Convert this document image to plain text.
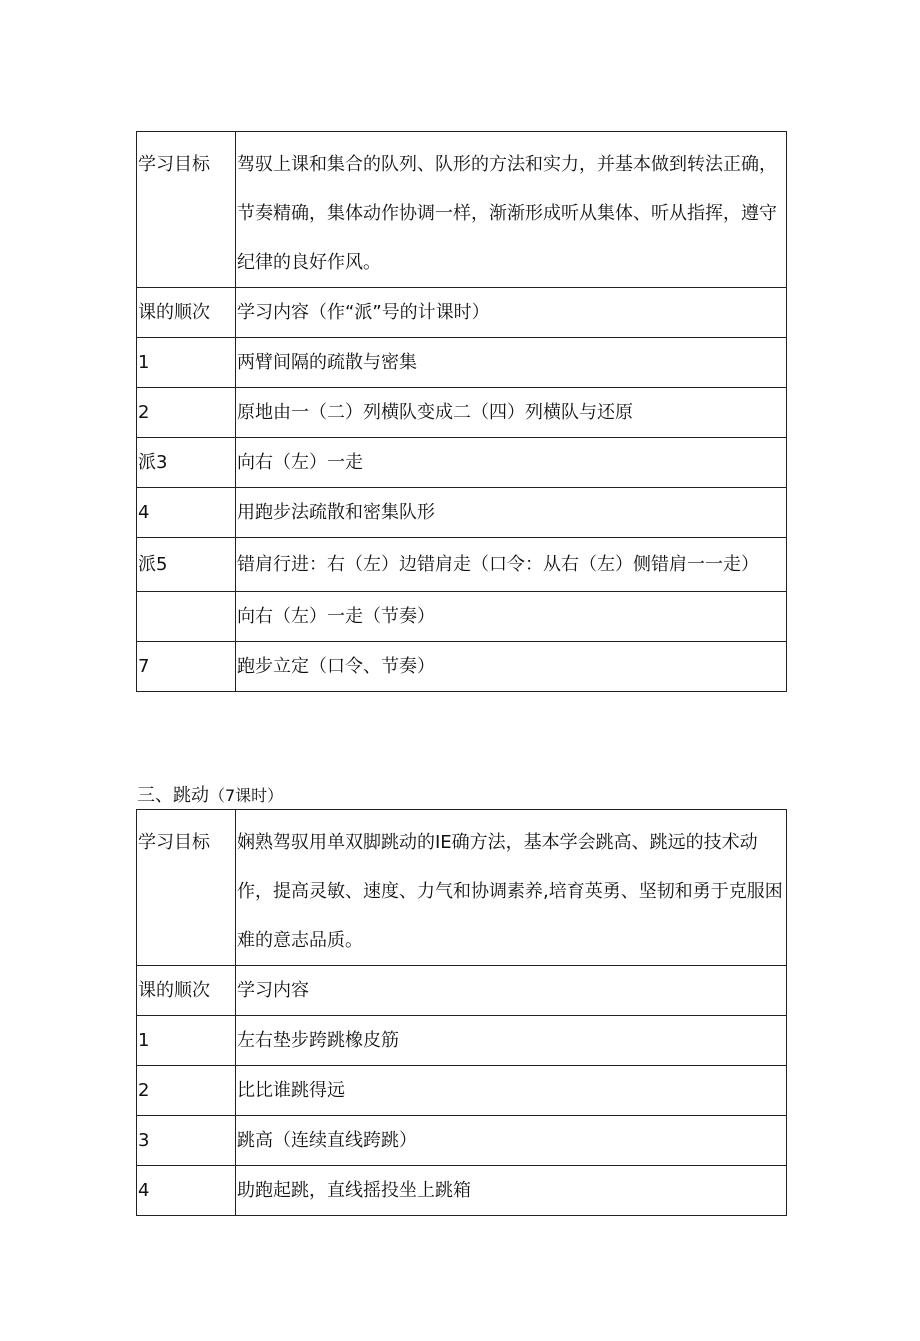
学习目标	驾驭上课和集合的队列、队形的方法和实力，并基本做到转法正确，节奏精确，集体动作协调一样，渐渐形成听从集体、听从指挥，遵守纪律的良好作风。
课的顺次	学习内容（作“派”号的计课时）
1	两臂间隔的疏散与密集
2	原地由一（二）列横队变成二（四）列横队与还原
派3	向右（左）一走
4	用跑步法疏散和密集队形
派5	错肩行进：右（左）边错肩走（口令：从右（左）侧错肩一一走）
	向右（左）一走（节奏）
7	跑步立定（口令、节奏）
三、跳动（7课时）
学习目标	娴熟驾驭用单双脚跳动的IE确方法，基本学会跳高、跳远的技术动作，提高灵敏、速度、力气和协调素养,培育英勇、坚韧和勇于克服困难的意志品质。
课的顺次	学习内容
1	左右垫步跨跳橡皮筋
2	比比谁跳得远
3	跳高（连续直线跨跳）
4	助跑起跳，直线摇投坐上跳箱
